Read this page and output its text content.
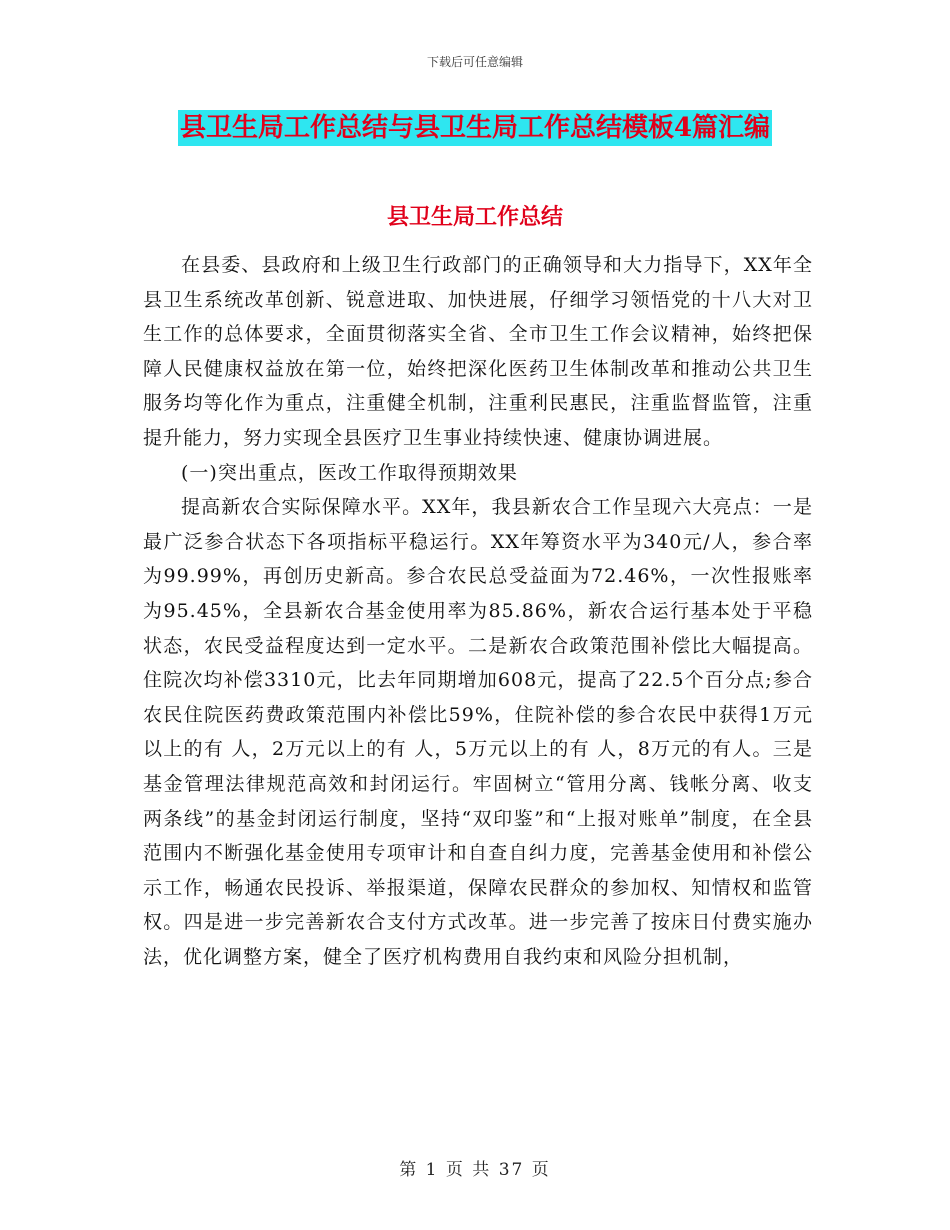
下载后可任意编辑
县卫生局工作总结与县卫生局工作总结模板4篇汇编
县卫生局工作总结

在县委、县政府和上级卫生行政部门的正确领导和大力指导下，XX年全县卫生系统改革创新、锐意进取、加快进展，仔细学习领悟党的十八大对卫生工作的总体要求，全面贯彻落实全省、全市卫生工作会议精神，始终把保障人民健康权益放在第一位，始终把深化医药卫生体制改革和推动公共卫生服务均等化作为重点，注重健全机制，注重利民惠民，注重监督监管，注重提升能力，努力实现全县医疗卫生事业持续快速、健康协调进展。

(一)突出重点，医改工作取得预期效果

提高新农合实际保障水平。XX年，我县新农合工作呈现六大亮点：一是最广泛参合状态下各项指标平稳运行。XX年筹资水平为340元/人，参合率为99.99%，再创历史新高。参合农民总受益面为72.46%，一次性报账率为95.45%，全县新农合基金使用率为85.86%，新农合运行基本处于平稳状态，农民受益程度达到一定水平。二是新农合政策范围补偿比大幅提高。住院次均补偿3310元，比去年同期增加608元，提高了22.5个百分点;参合农民住院医药费政策范围内补偿比59%，住院补偿的参合农民中获得1万元以上的有 人，2万元以上的有 人，5万元以上的有 人，8万元的有人。三是基金管理法律规范高效和封闭运行。牢固树立“管用分离、钱帐分离、收支两条线”的基金封闭运行制度，坚持“双印鉴”和“上报对账单”制度，在全县范围内不断强化基金使用专项审计和自查自纠力度，完善基金使用和补偿公示工作，畅通农民投诉、举报渠道，保障农民群众的参加权、知情权和监管权。四是进一步完善新农合支付方式改革。进一步完善了按床日付费实施办法，优化调整方案，健全了医疗机构费用自我约束和风险分担机制，

第 1 页 共 37 页
